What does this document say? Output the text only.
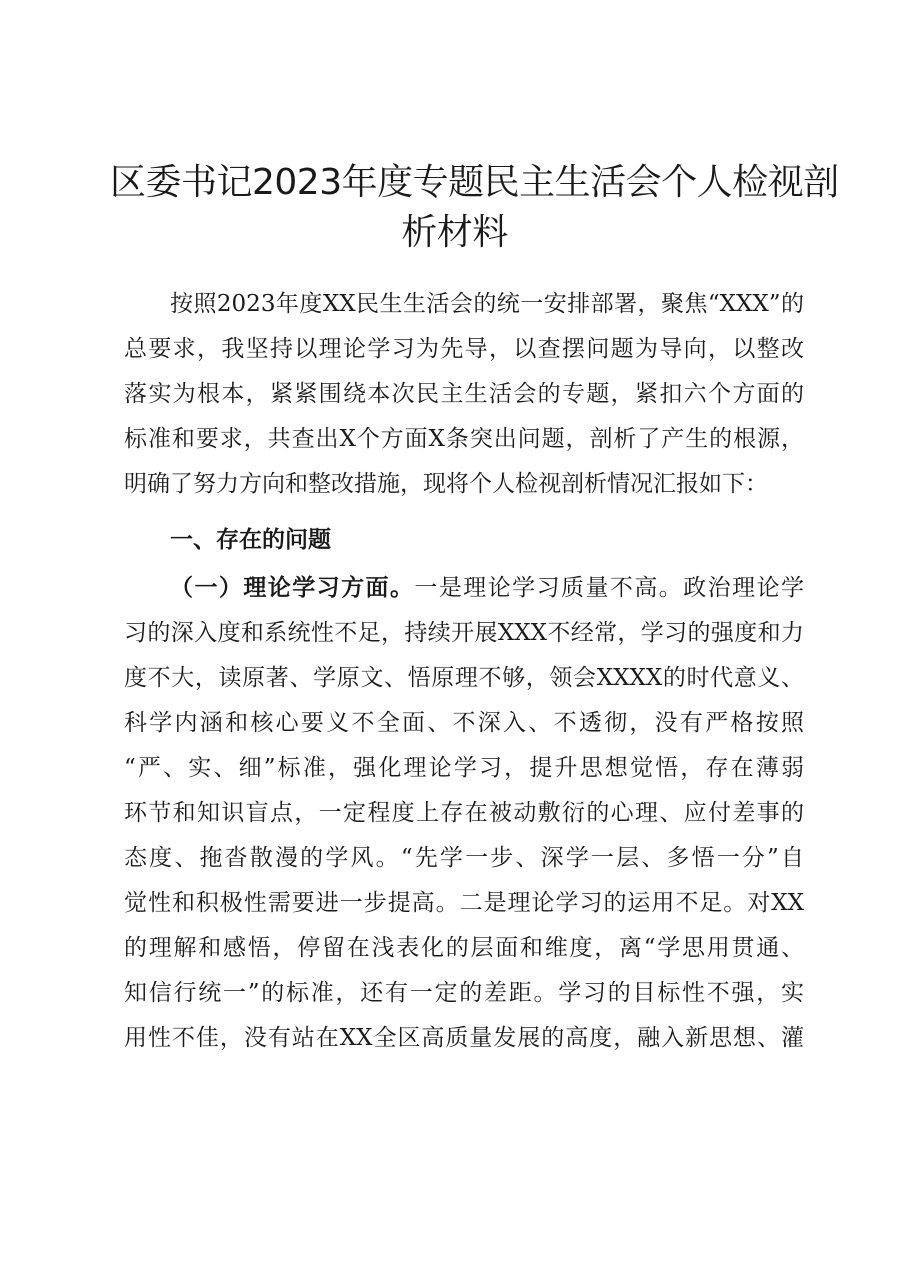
区委书记2023年度专题民主生活会个人检视剖
析材料
按照2023年度XX民生生活会的统一安排部署，聚焦“XXX”的
总要求，我坚持以理论学习为先导，以查摆问题为导向，以整改
落实为根本，紧紧围绕本次民主生活会的专题，紧扣六个方面的
标准和要求，共查出X个方面X条突出问题，剖析了产生的根源，
明确了努力方向和整改措施，现将个人检视剖析情况汇报如下：
一、存在的问题
（一）理论学习方面。一是理论学习质量不高。政治理论学
习的深入度和系统性不足，持续开展XXX不经常，学习的强度和力
度不大，读原著、学原文、悟原理不够，领会XXXX的时代意义、
科学内涵和核心要义不全面、不深入、不透彻，没有严格按照
“严、实、细”标准，强化理论学习，提升思想觉悟，存在薄弱
环节和知识盲点，一定程度上存在被动敷衍的心理、应付差事的
态度、拖沓散漫的学风。“先学一步、深学一层、多悟一分”自
觉性和积极性需要进一步提高。二是理论学习的运用不足。对XX
的理解和感悟，停留在浅表化的层面和维度，离“学思用贯通、
知信行统一”的标准，还有一定的差距。学习的目标性不强，实
用性不佳，没有站在XX全区高质量发展的高度，融入新思想、灌
